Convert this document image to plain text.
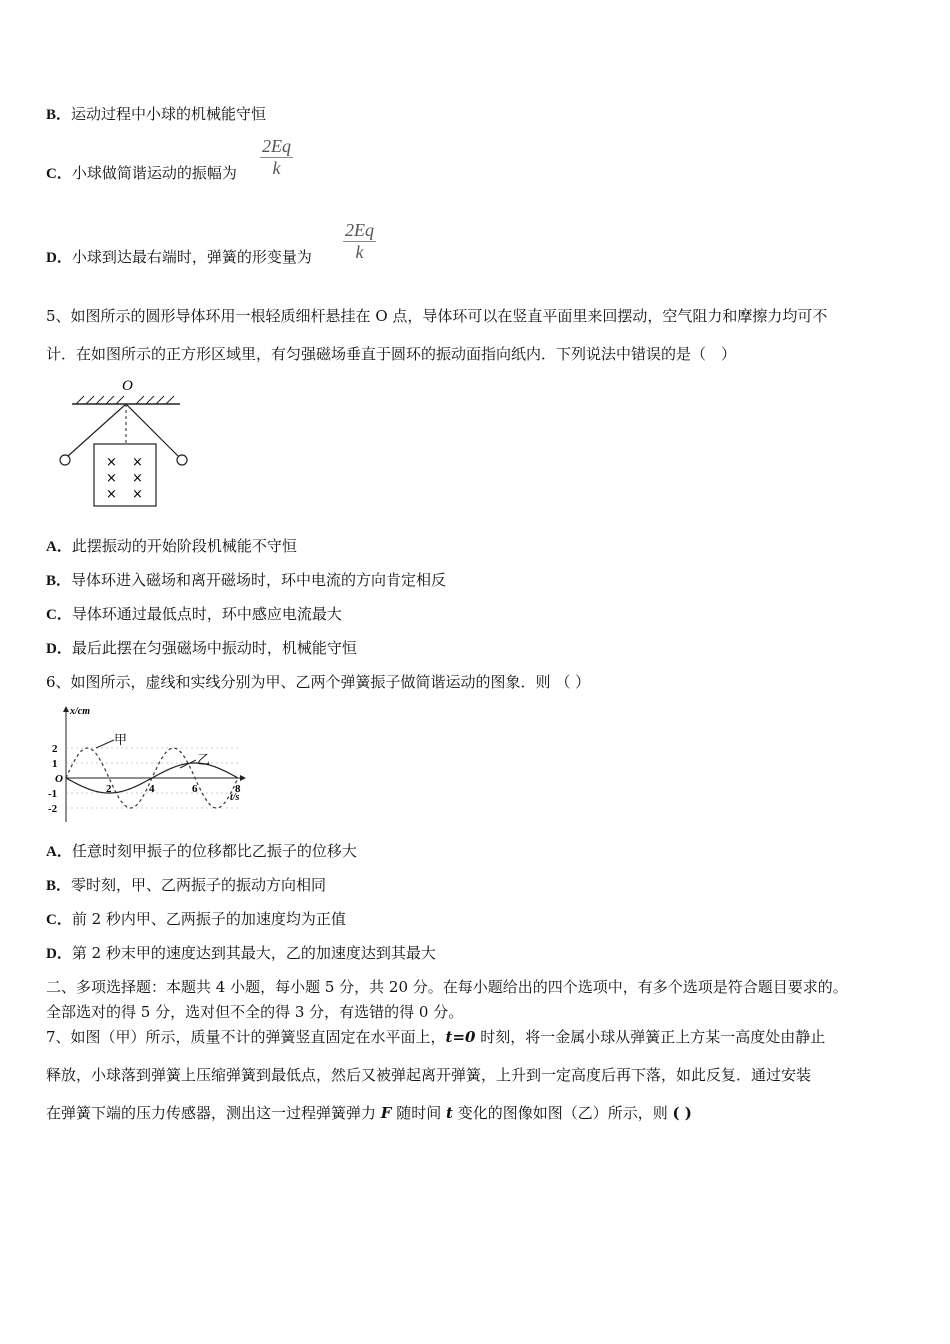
B．运动过程中小球的机械能守恒
C．小球做简谐运动的振幅为 $\frac{2Eq}{k}$
D．小球到达最右端时，弹簧的形变量为 $\frac{2Eq}{k}$
5、如图所示的圆形导体环用一根轻质细杆悬挂在 O 点，导体环可以在竖直平面里来回摆动，空气阻力和摩擦力均可不
计．在如图所示的正方形区域里，有匀强磁场垂直于圆环的振动面指向纸内．下列说法中错误的是（　）
O
× ×
× ×
× ×
A．此摆振动的开始阶段机械能不守恒
B．导体环进入磁场和离开磁场时，环中电流的方向肯定相反
C．导体环通过最低点时，环中感应电流最大
D．最后此摆在匀强磁场中振动时，机械能守恒
6、如图所示，虚线和实线分别为甲、乙两个弹簧振子做简谐运动的图象．则 （ ）
x/cm
t/s
O
2	4	6	8
2
1
-1
-2
甲
乙
A．任意时刻甲振子的位移都比乙振子的位移大
B．零时刻，甲、乙两振子的振动方向相同
C．前 2 秒内甲、乙两振子的加速度均为正值
D．第 2 秒末甲的速度达到其最大，乙的加速度达到其最大
二、多项选择题：本题共 4 小题，每小题 5 分，共 20 分。在每小题给出的四个选项中，有多个选项是符合题目要求的。
全部选对的得 5 分，选对但不全的得 3 分，有选错的得 0 分。
7、如图（甲）所示，质量不计的弹簧竖直固定在水平面上，t=0 时刻，将一金属小球从弹簧正上方某一高度处由静止
释放，小球落到弹簧上压缩弹簧到最低点，然后又被弹起离开弹簧，上升到一定高度后再下落，如此反复．通过安装
在弹簧下端的压力传感器，测出这一过程弹簧弹力 F 随时间 t 变化的图像如图（乙）所示，则 ( )
